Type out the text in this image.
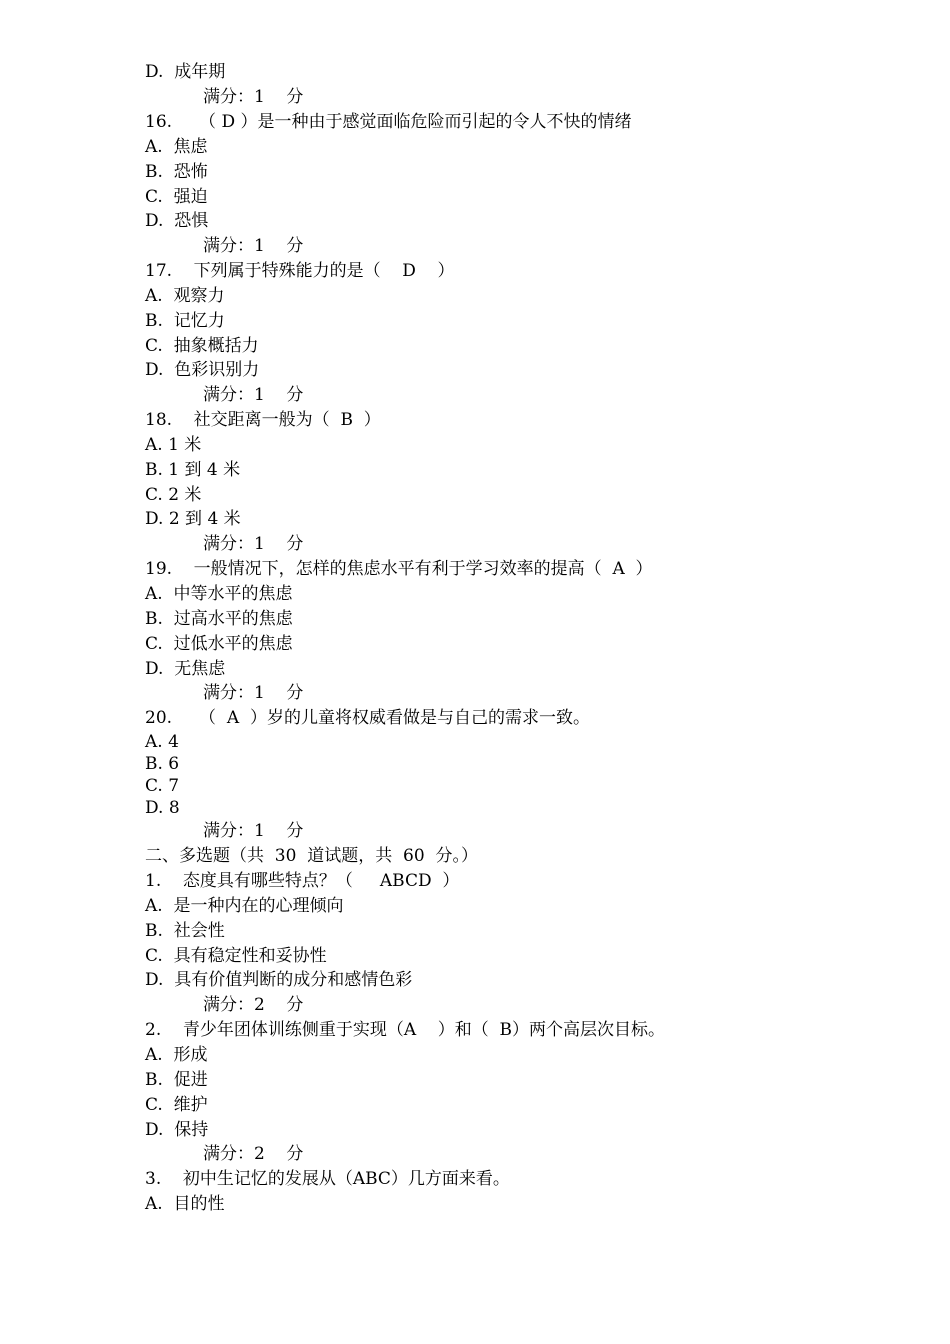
D.  成年期
满分：1    分
16.     （ D ）是一种由于感觉面临危险而引起的令人不快的情绪
A.  焦虑
B.  恐怖
C.  强迫
D.  恐惧
满分：1    分
17.    下列属于特殊能力的是（    D    ）
A.  观察力
B.  记忆力
C.  抽象概括力
D.  色彩识别力
满分：1    分
18.    社交距离一般为（  B  ）
A. 1 米
B. 1 到 4 米
C. 2 米
D. 2 到 4 米
满分：1    分
19.    一般情况下，怎样的焦虑水平有利于学习效率的提高（  A  ）
A.  中等水平的焦虑
B.  过高水平的焦虑
C.  过低水平的焦虑
D.  无焦虑
满分：1    分
20.     （  A  ）岁的儿童将权威看做是与自己的需求一致。
A. 4
B. 6
C. 7
D. 8
满分：1    分
二、多选题（共  30  道试题，共  60  分。）
1.    态度具有哪些特点？（     ABCD  ）
A.  是一种内在的心理倾向
B.  社会性
C.  具有稳定性和妥协性
D.  具有价值判断的成分和感情色彩
满分：2    分
2.    青少年团体训练侧重于实现（A    ）和（  B）两个高层次目标。
A.  形成
B.  促进
C.  维护
D.  保持
满分：2    分
3.    初中生记忆的发展从（ABC）几方面来看。
A.  目的性
